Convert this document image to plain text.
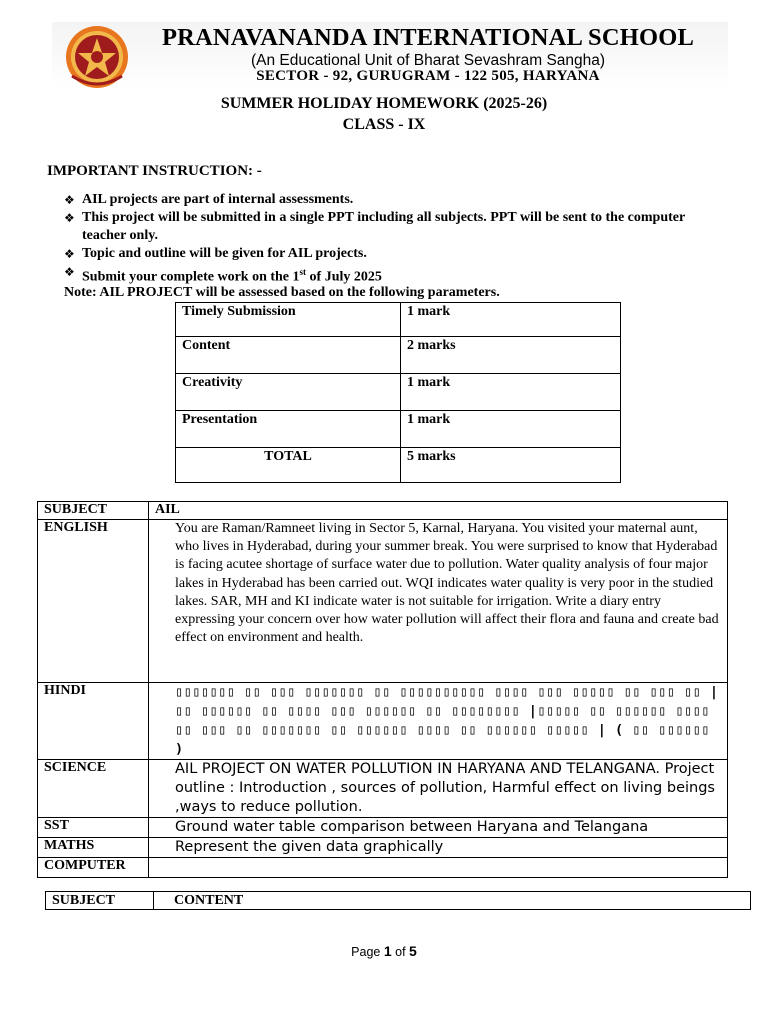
PRANAVANANDA INTERNATIONAL SCHOOL
(An Educational Unit of Bharat Sevashram Sangha)
SECTOR - 92, GURUGRAM - 122 505, HARYANA
SUMMER HOLIDAY HOMEWORK (2025-26)
CLASS - IX
IMPORTANT INSTRUCTION: -
❖ AIL projects are part of internal assessments.
❖ This project will be submitted in a single PPT including all subjects. PPT will be sent to the computer teacher only.
❖ Topic and outline will be given for AIL projects.
❖ Submit your complete work on the 1st of July 2025
Note: AIL PROJECT will be assessed based on the following parameters.
Timely Submission	1 mark
Content	2 marks
Creativity	1 mark
Presentation	1 mark
TOTAL	5 marks
SUBJECT	AIL
ENGLISH	You are Raman/Ramneet living in Sector 5, Karnal, Haryana. You visited your maternal aunt, who lives in Hyderabad, during your summer break. You were surprised to know that Hyderabad is facing acutee shortage of surface water due to pollution. Water quality analysis of four major lakes in Hyderabad has been carried out. WQI indicates water quality is very poor in the studied lakes. SAR, MH and KI indicate water is not suitable for irrigation. Write a diary entry expressing your concern over how water pollution will affect their flora and fauna and create bad effect on environment and health.

HINDI	▯▯▯▯▯▯▯ ▯▯ ▯▯▯ ▯▯▯▯▯▯▯ ▯▯ ▯▯▯▯▯▯▯▯▯▯ ▯▯▯▯ ▯▯▯ ▯▯▯▯▯ ▯▯ ▯▯▯ ▯▯ | ▯▯ ▯▯▯▯▯▯ ▯▯ ▯▯▯▯ ▯▯▯ ▯▯▯▯▯▯ ▯▯ ▯▯▯▯▯▯▯▯ |▯▯▯▯▯ ▯▯ ▯▯▯▯▯▯ ▯▯▯▯ ▯▯ ▯▯▯ ▯▯ ▯▯▯▯▯▯▯ ▯▯ ▯▯▯▯▯▯ ▯▯▯▯ ▯▯ ▯▯▯▯▯▯ ▯▯▯▯▯ | ( ▯▯ ▯▯▯▯▯▯ )

SCIENCE	AIL PROJECT ON WATER POLLUTION IN HARYANA AND TELANGANA. Project outline : Introduction , sources of pollution, Harmful effect on living beings ,ways to reduce pollution.

SST	Ground water table comparison between Haryana and Telangana

MATHS	Represent the given data graphically

COMPUTER	
SUBJECT	CONTENT
Page 1 of 5
